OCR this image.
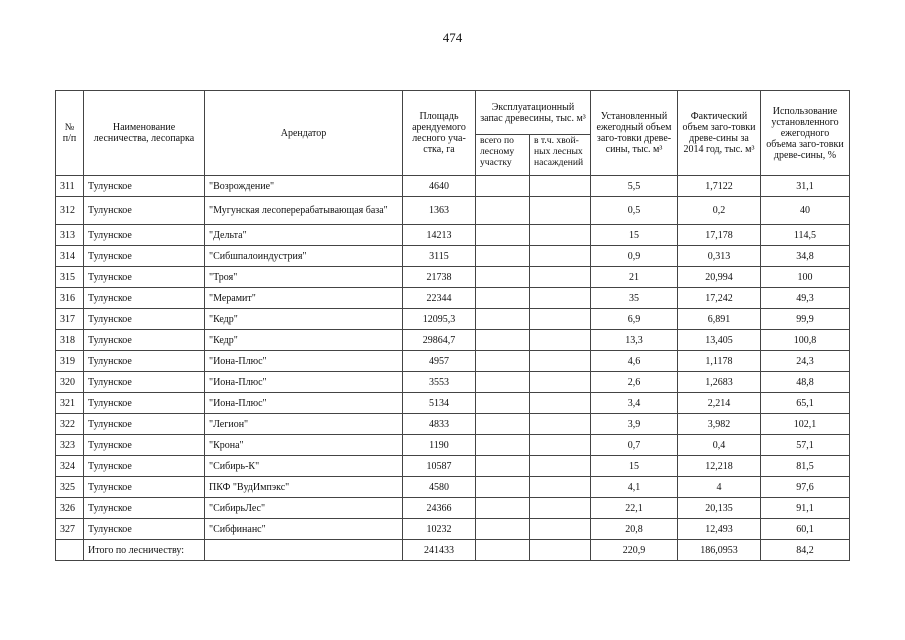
474
№ п/п	Наименование лесничества, лесопарка	Арендатор	Площадь арендуемого лесного уча-стка, га	Эксплуатационный запас древесины, тыс. м³		Установленный ежегодный объем заго-товки древе-сины, тыс. м³	Фактический объем заго-товки древе-сины за 2014 год, тыс. м³	Использование установленного ежегодного объема заго-товки древе-сины, %
				всего по лесному участку	в т.ч. хвой-ных лесных насаждений			
311	Тулунское	"Возрождение"	4640			5,5	1,7122	31,1
312	Тулунское	"Мугунская лесоперерабатывающая база"	1363			0,5	0,2	40
313	Тулунское	"Дельта"	14213			15	17,178	114,5
314	Тулунское	"Сибшпалоиндустрия"	3115			0,9	0,313	34,8
315	Тулунское	"Троя"	21738			21	20,994	100
316	Тулунское	"Мерамит"	22344			35	17,242	49,3
317	Тулунское	"Кедр"	12095,3			6,9	6,891	99,9
318	Тулунское	"Кедр"	29864,7			13,3	13,405	100,8
319	Тулунское	"Иона-Плюс"	4957			4,6	1,1178	24,3
320	Тулунское	"Иона-Плюс"	3553			2,6	1,2683	48,8
321	Тулунское	"Иона-Плюс"	5134			3,4	2,214	65,1
322	Тулунское	"Легион"	4833			3,9	3,982	102,1
323	Тулунское	"Крона"	1190			0,7	0,4	57,1
324	Тулунское	"Сибирь-К"	10587			15	12,218	81,5
325	Тулунское	ПКФ "ВудИмпэкс"	4580			4,1	4	97,6
326	Тулунское	"СибирьЛес"	24366			22,1	20,135	91,1
327	Тулунское	"Сибфинанс"	10232			20,8	12,493	60,1
	Итого по лесничеству:		241433			220,9	186,0953	84,2
